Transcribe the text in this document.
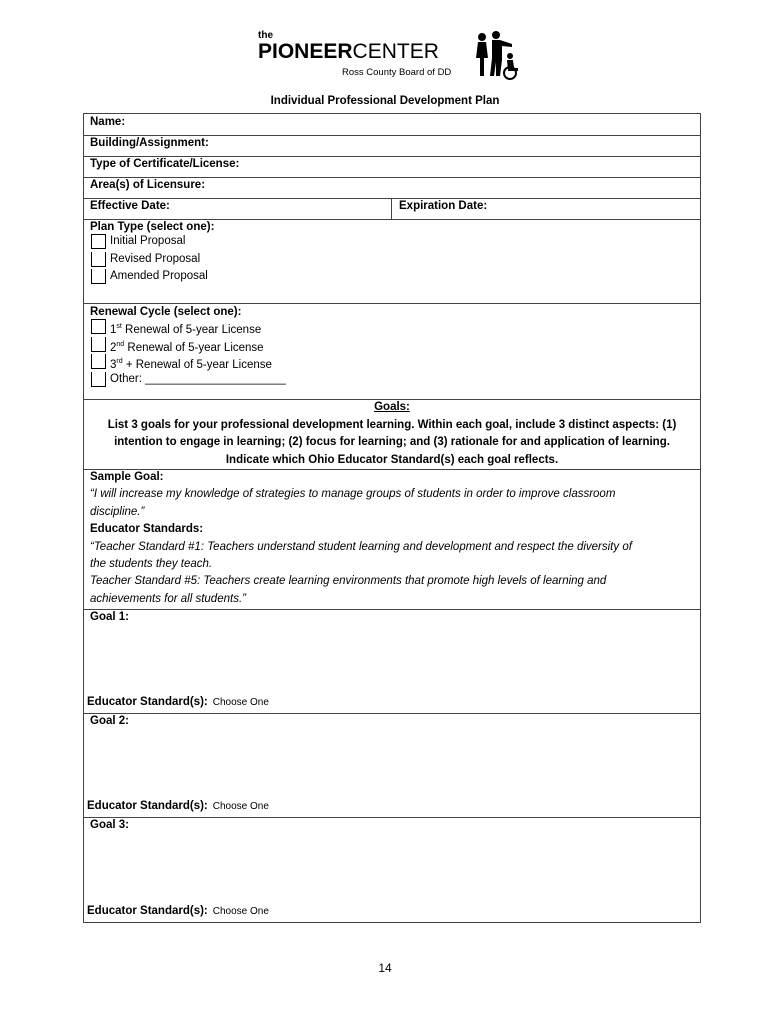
the
PIONEERCENTER
Ross County Board of DD
Individual Professional Development Plan
Name:
Building/Assignment:
Type of Certificate/License:
Area(s) of Licensure:
Effective Date:	Expiration Date:
Plan Type (select one):
Initial Proposal
Revised Proposal
Amended Proposal
Renewal Cycle (select one):
1st Renewal of 5-year License
2nd Renewal of 5-year License
3rd + Renewal of 5-year License
Other: ______________________
Goals:
List 3 goals for your professional development learning. Within each goal, include 3 distinct aspects: (1)
intention to engage in learning; (2) focus for learning; and (3) rationale for and application of learning.
Indicate which Ohio Educator Standard(s) each goal reflects.
Sample Goal:
“I will increase my knowledge of strategies to manage groups of students in order to improve classroom
discipline.”
Educator Standards:
“Teacher Standard #1: Teachers understand student learning and development and respect the diversity of
the students they teach.
Teacher Standard #5: Teachers create learning environments that promote high levels of learning and
achievements for all students.”
Goal 1:
Educator Standard(s): Choose One
Goal 2:
Educator Standard(s): Choose One
Goal 3:
Educator Standard(s): Choose One
14
